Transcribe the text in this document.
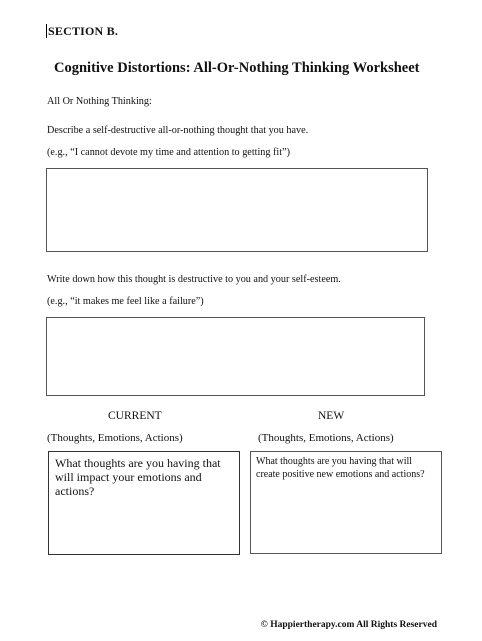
SECTION B.
Cognitive Distortions: All-Or-Nothing Thinking Worksheet
All Or Nothing Thinking:
Describe a self-destructive all-or-nothing thought that you have.
(e.g., “I cannot devote my time and attention to getting fit”)
Write down how this thought is destructive to you and your self-esteem.
(e.g., “it makes me feel like a failure”)
CURRENT
(Thoughts, Emotions, Actions)
What thoughts are you having that will impact your emotions and actions?
NEW
(Thoughts, Emotions, Actions)
What thoughts are you having that will create positive new emotions and actions?
© Happiertherapy.com All Rights Reserved
